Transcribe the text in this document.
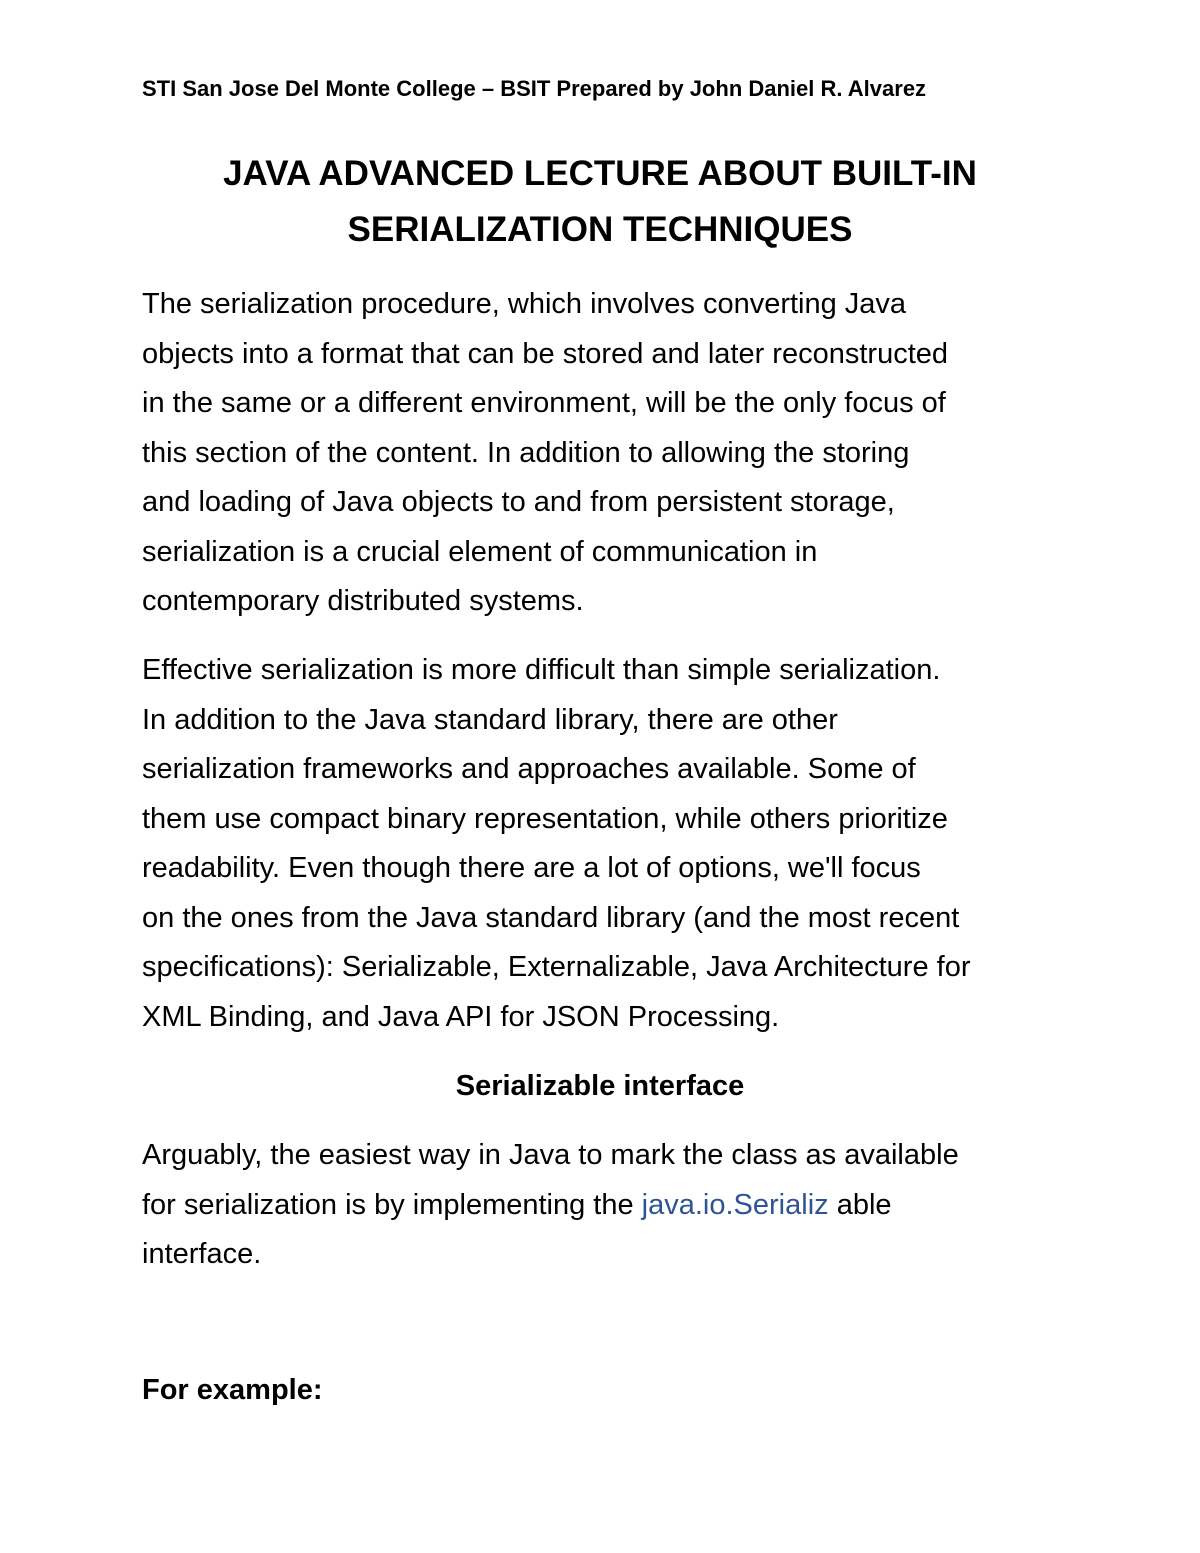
STI San Jose Del Monte College – BSIT Prepared by John Daniel R. Alvarez
JAVA ADVANCED LECTURE ABOUT BUILT-IN
SERIALIZATION TECHNIQUES

The serialization procedure, which involves converting Java
objects into a format that can be stored and later reconstructed
in the same or a different environment, will be the only focus of
this section of the content. In addition to allowing the storing
and loading of Java objects to and from persistent storage,
serialization is a crucial element of communication in
contemporary distributed systems.

Effective serialization is more difficult than simple serialization.
In addition to the Java standard library, there are other
serialization frameworks and approaches available. Some of
them use compact binary representation, while others prioritize
readability. Even though there are a lot of options, we'll focus
on the ones from the Java standard library (and the most recent
specifications): Serializable, Externalizable, Java Architecture for
XML Binding, and Java API for JSON Processing.

Serializable interface

Arguably, the easiest way in Java to mark the class as available
for serialization is by implementing the java.io.Serializ able
interface.

For example:
